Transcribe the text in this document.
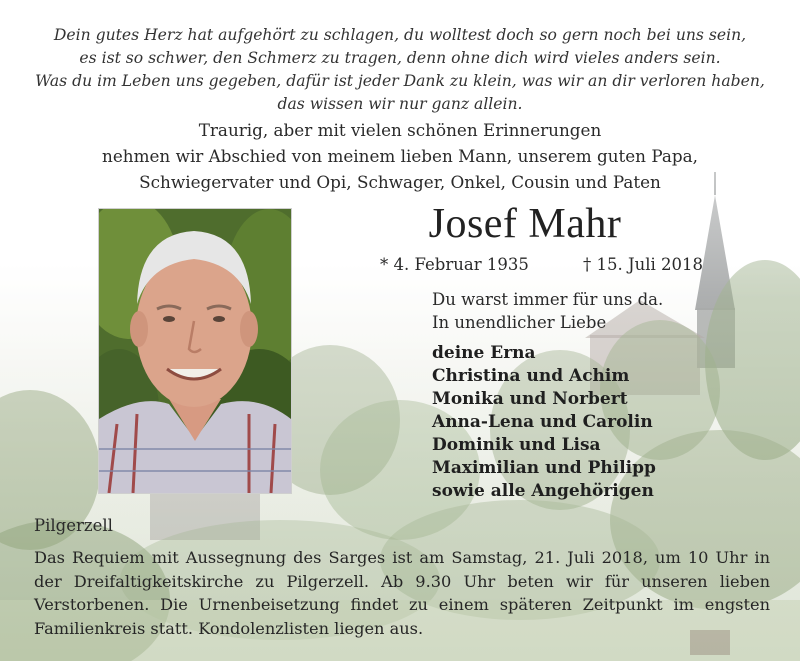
Dein gutes Herz hat aufgehört zu schlagen, du wolltest doch so gern noch bei uns sein,
es ist so schwer, den Schmerz zu tragen, denn ohne dich wird vieles anders sein.
Was du im Leben uns gegeben, dafür ist jeder Dank zu klein, was wir an dir verloren haben,
das wissen wir nur ganz allein.
Traurig, aber mit vielen schönen Erinnerungen
nehmen wir Abschied von meinem lieben Mann, unserem guten Papa,
Schwiegervater und Opi, Schwager, Onkel, Cousin und Paten
Josef Mahr
* 4. Februar 1935	† 15. Juli 2018
Du warst immer für uns da.
In unendlicher Liebe
deine Erna
Christina und Achim
Monika und Norbert
Anna-Lena und Carolin
Dominik und Lisa
Maximilian und Philipp
sowie alle Angehörigen
Pilgerzell
Das Requiem mit Aussegnung des Sarges ist am Samstag, 21. Juli 2018, um 10 Uhr in
der Dreifaltigkeitskirche zu Pilgerzell. Ab 9.30 Uhr beten wir für unseren lieben
Verstorbenen. Die Urnenbeisetzung findet zu einem späteren Zeitpunkt im engsten
Familienkreis statt. Kondolenzlisten liegen aus.
